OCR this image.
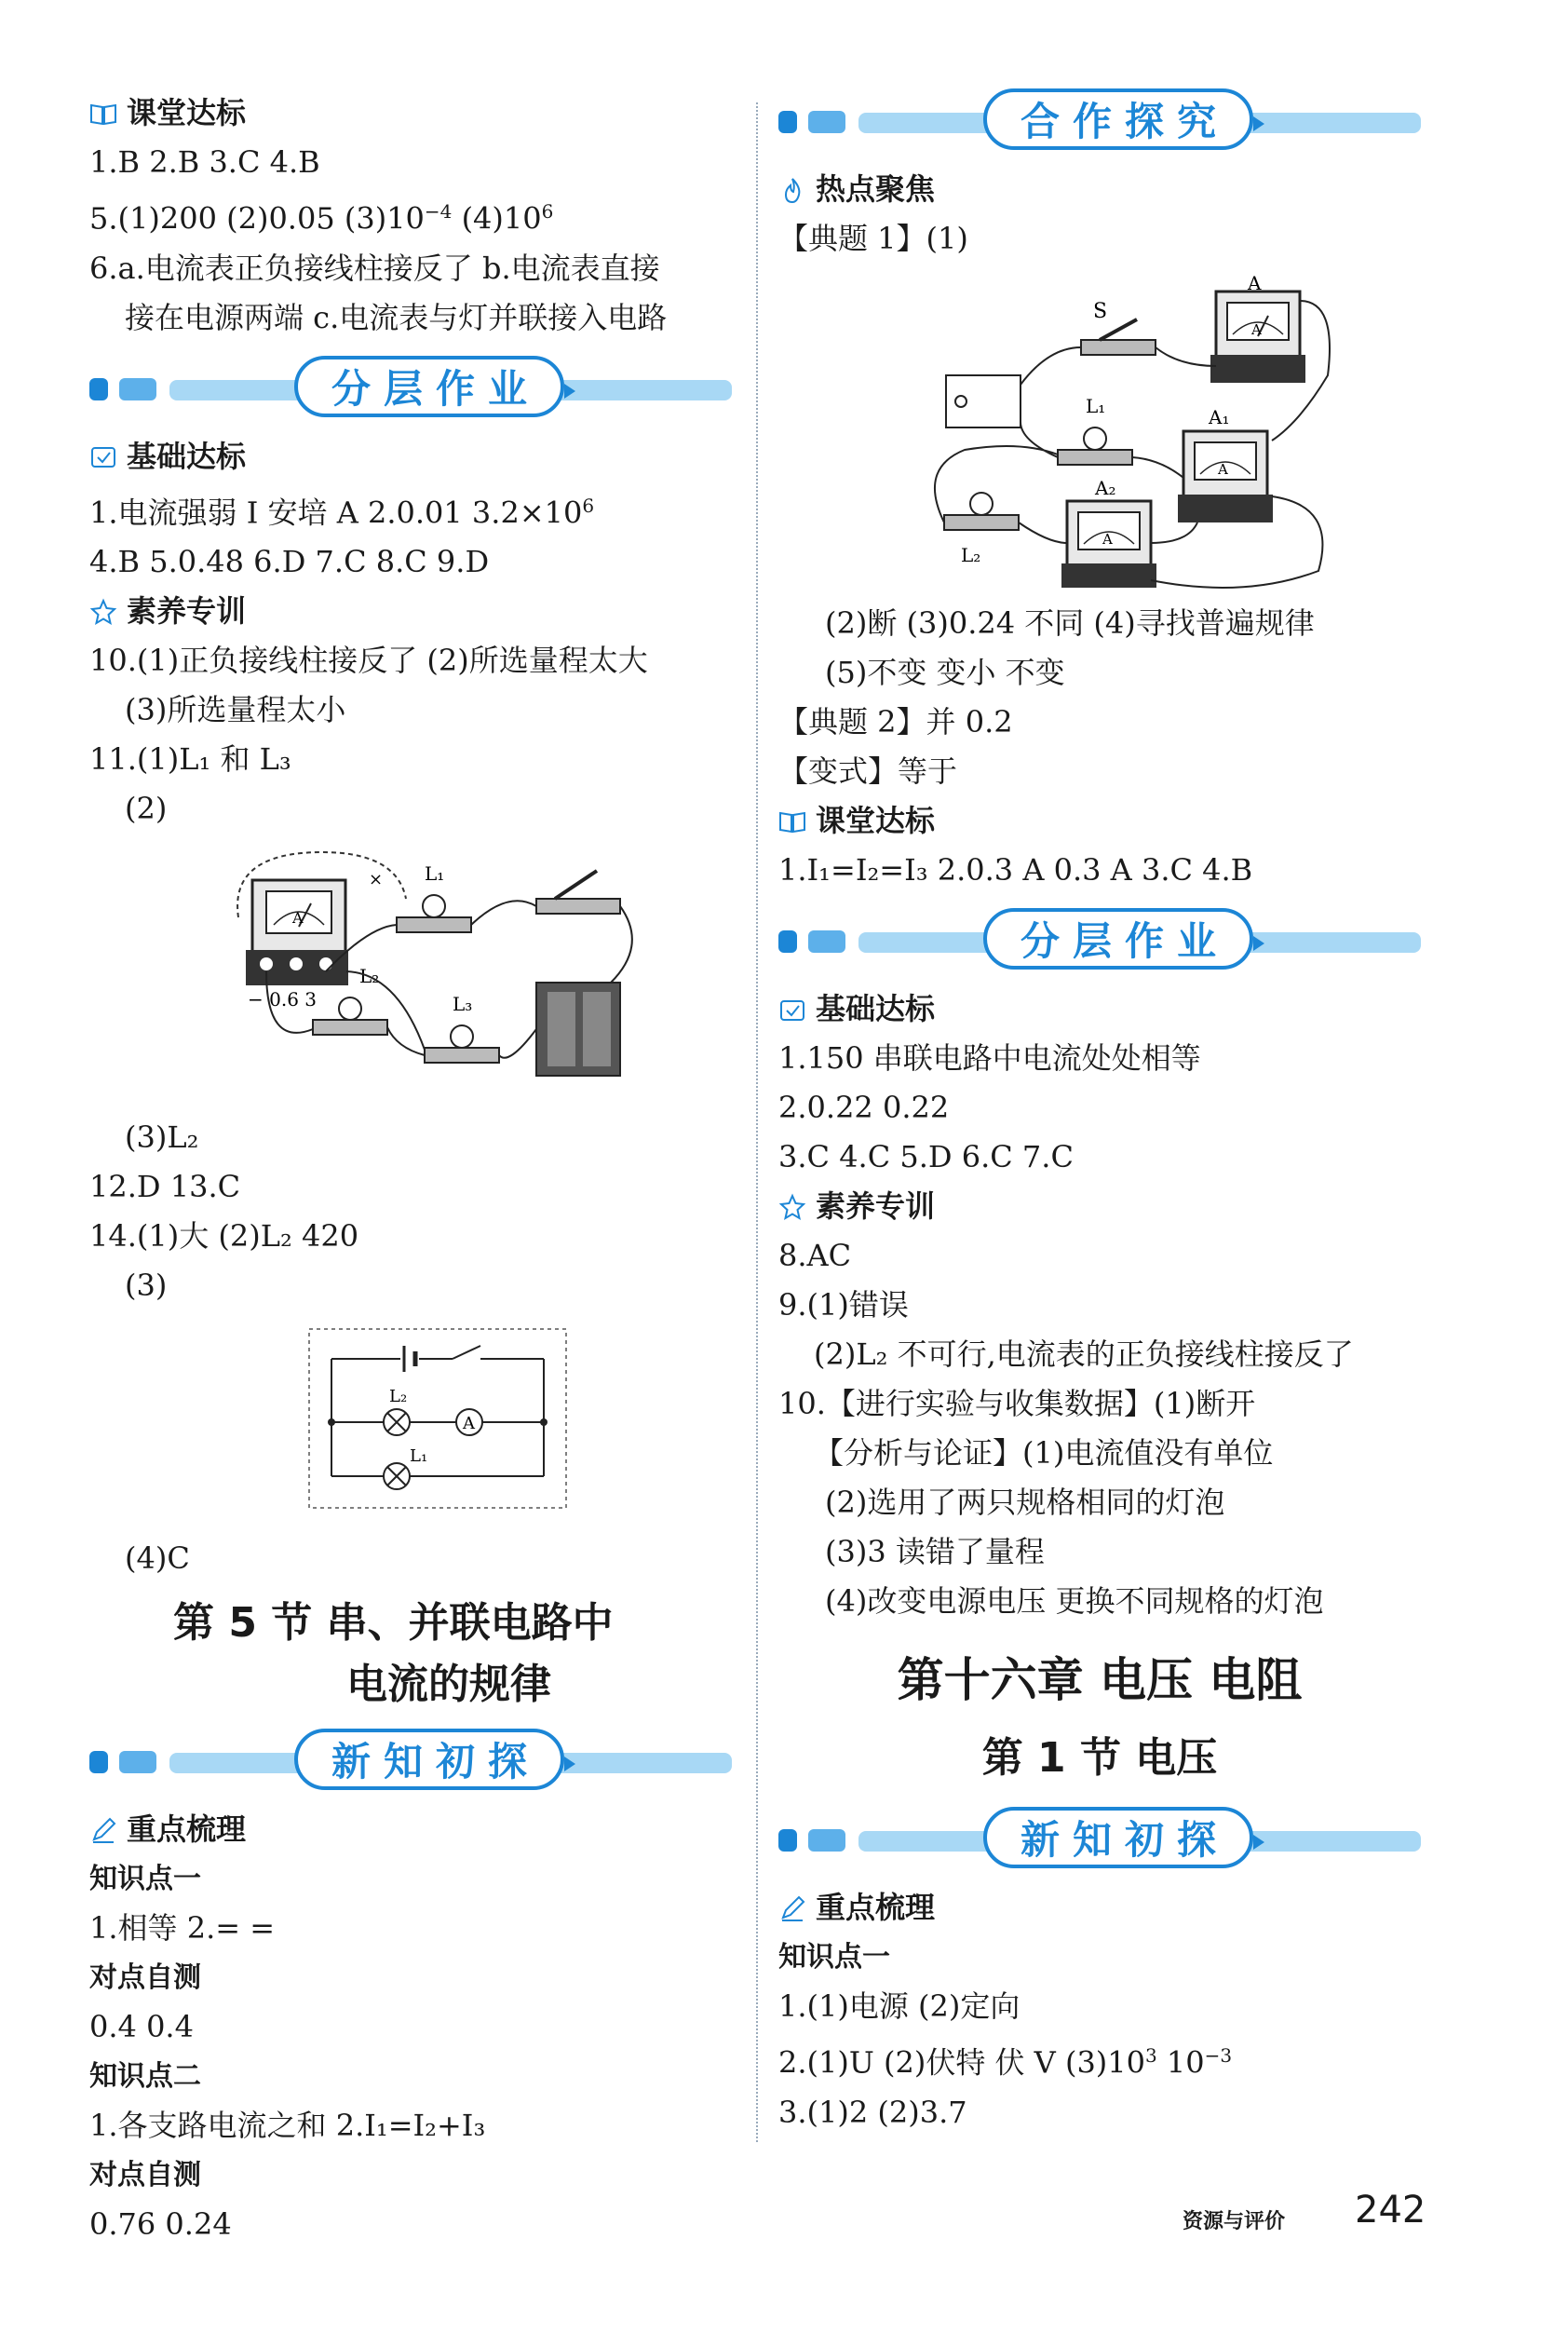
课堂达标
1.B 2.B 3.C 4.B
5.(1)200 (2)0.05 $(3)10^{-4}$ $(4)10^6$
6.a.电流表正负接线柱接反了 b.电流表直接
接在电源两端 c.电流表与灯并联接入电路
分层作业
基础达标
1.电流强弱 I 安培 A 2.0.01 $3.2\times 10^6$
4.B 5.0.48 6.D 7.C 8.C 9.D
素养专训
10.(1)正负接线柱接反了 (2)所选量程太大
(3)所选量程太小
11.(1)L₁ 和 L₃
(2)
A
− 0.6 3
L₁
L₂
L₃
×
(3)L₂
12.D 13.C
14.(1)大 (2)L₂ 420
(3)
L₂
A
L₁
(4)C
第 5 节 串、并联电路中
电流的规律
新知初探
重点梳理
知识点一
1.相等 2.= =
对点自测
0.4 0.4
知识点二
1.各支路电流之和 2.I₁=I₂+I₃
对点自测
0.76 0.24
合作探究
热点聚焦
【典题 1】(1)
S
A
A
L₁
A
A₁
L₂
A
A₂
(2)断 (3)0.24 不同 (4)寻找普遍规律
(5)不变 变小 不变
【典题 2】并 0.2
【变式】等于
课堂达标
1.I₁=I₂=I₃ 2.0.3 A 0.3 A 3.C 4.B
分层作业
基础达标
1.150 串联电路中电流处处相等
2.0.22 0.22
3.C 4.C 5.D 6.C 7.C
素养专训
8.AC
9.(1)错误
(2)L₂ 不可行,电流表的正负接线柱接反了
10.【进行实验与收集数据】(1)断开
【分析与论证】(1)电流值没有单位
(2)选用了两只规格相同的灯泡
(3)3 读错了量程
(4)改变电源电压 更换不同规格的灯泡
第十六章 电压 电阻
第 1 节 电压
新知初探
重点梳理
知识点一
1.(1)电源 (2)定向
2.(1)U (2)伏特 伏 V $(3)10^3$ $10^{-3}$
3.(1)2 (2)3.7
资源与评价 242
